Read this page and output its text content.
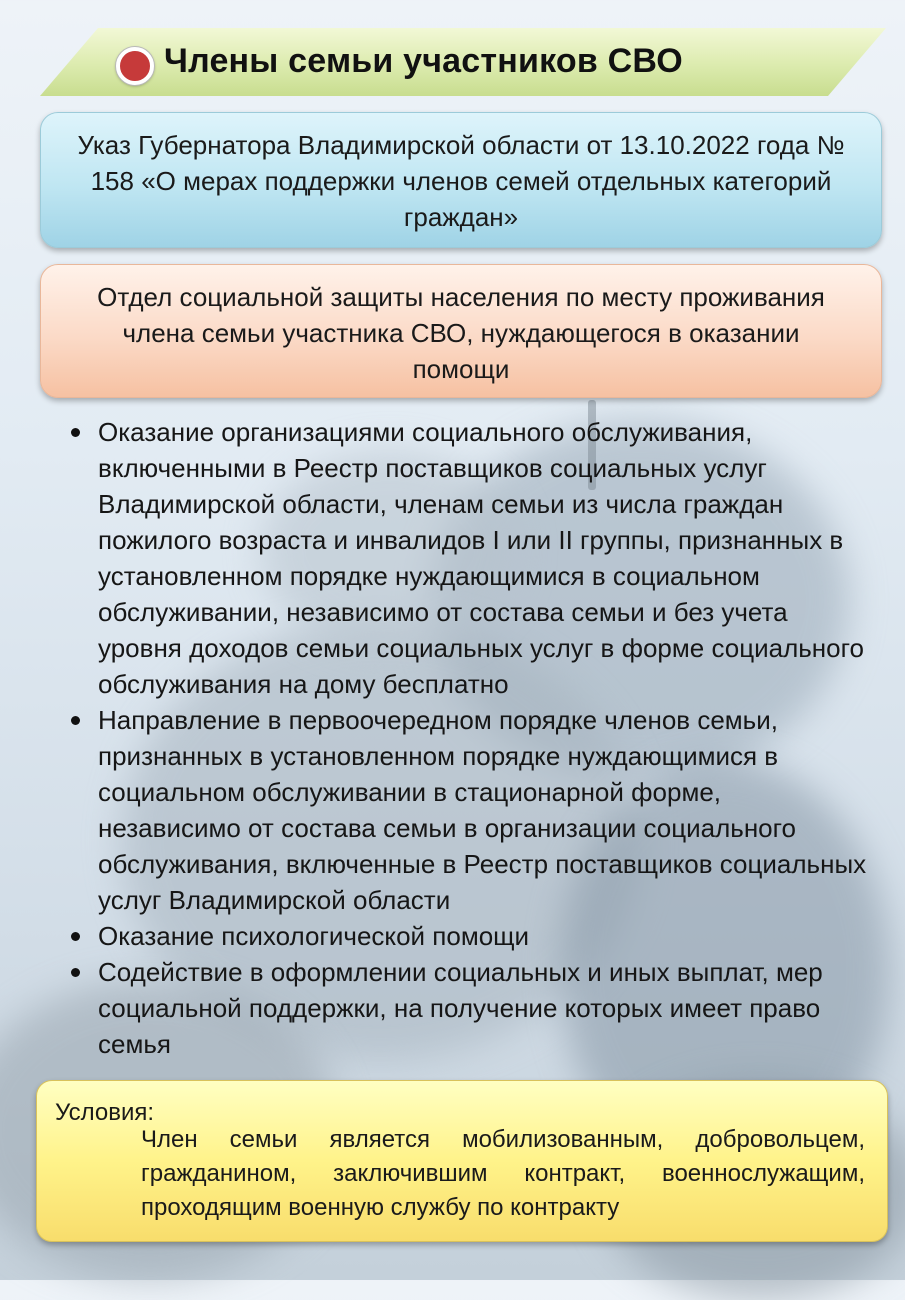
Члены семьи участников СВО
Указ Губернатора Владимирской области от 13.10.2022 года № 158 «О мерах поддержки членов семей отдельных категорий граждан»
Отдел социальной защиты населения по месту проживания члена семьи участника СВО, нуждающегося в оказании помощи
Оказание организациями социального обслуживания, включенными в Реестр поставщиков социальных услуг Владимирской области, членам семьи из числа граждан пожилого возраста и инвалидов I или II группы, признанных в установленном порядке нуждающимися в социальном обслуживании, независимо от состава семьи и без учета уровня доходов семьи социальных услуг в форме социального обслуживания на дому бесплатно
Направление в первоочередном порядке членов семьи, признанных в установленном порядке нуждающимися в социальном обслуживании в стационарной форме, независимо от состава семьи в организации социального обслуживания, включенные в Реестр поставщиков социальных услуг Владимирской области
Оказание психологической помощи
Содействие в оформлении социальных и иных выплат, мер социальной поддержки, на получение которых имеет право семья
Условия:
Член семьи является мобилизованным, добровольцем, гражданином, заключившим контракт, военнослужащим, проходящим военную службу по контракту
